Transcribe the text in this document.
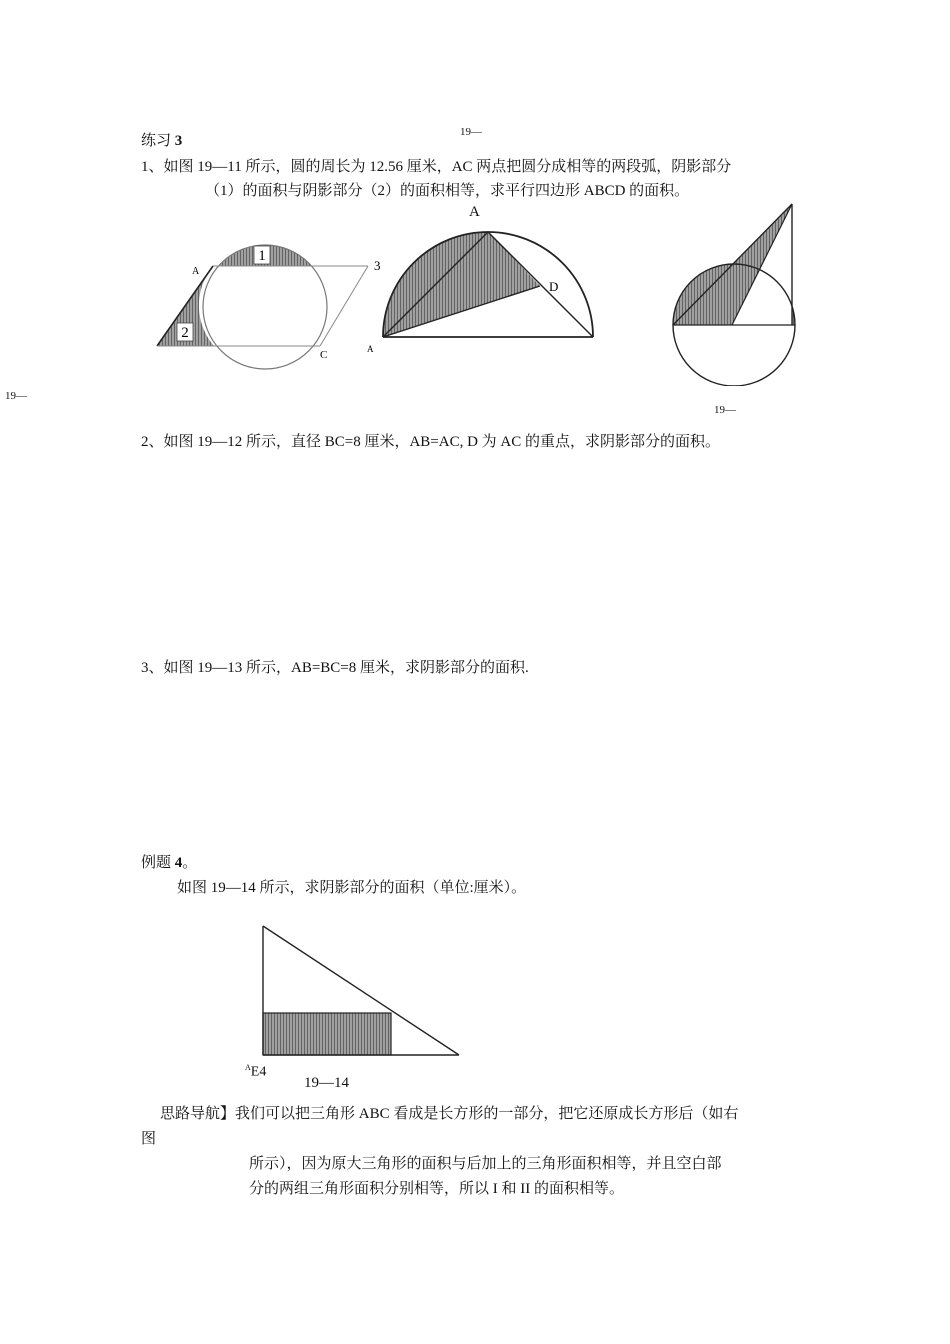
19—
练习 3
1、如图 19—11 所示，圆的周长为 12.56 厘米，AC 两点把圆分成相等的两段弧，阴影部分
（1）的面积与阴影部分（2）的面积相等，求平行四边形 ABCD 的面积。
19—
1
2
A	3
C
A
D
A
19—
2、如图 19—12 所示，直径 BC=8 厘米，AB=AC, D 为 AC 的重点，求阴影部分的面积。
3、如图 19—13 所示，AB=BC=8 厘米，求阴影部分的面积.
例题 4。
如图 19—14 所示，求阴影部分的面积（单位:厘米）。
$^A$E4
19—14
思路导航】我们可以把三角形 ABC 看成是长方形的一部分，把它还原成长方形后（如右
图
所示），因为原大三角形的面积与后加上的三角形面积相等，并且空白部
分的两组三角形面积分别相等，所以 I 和 II 的面积相等。
